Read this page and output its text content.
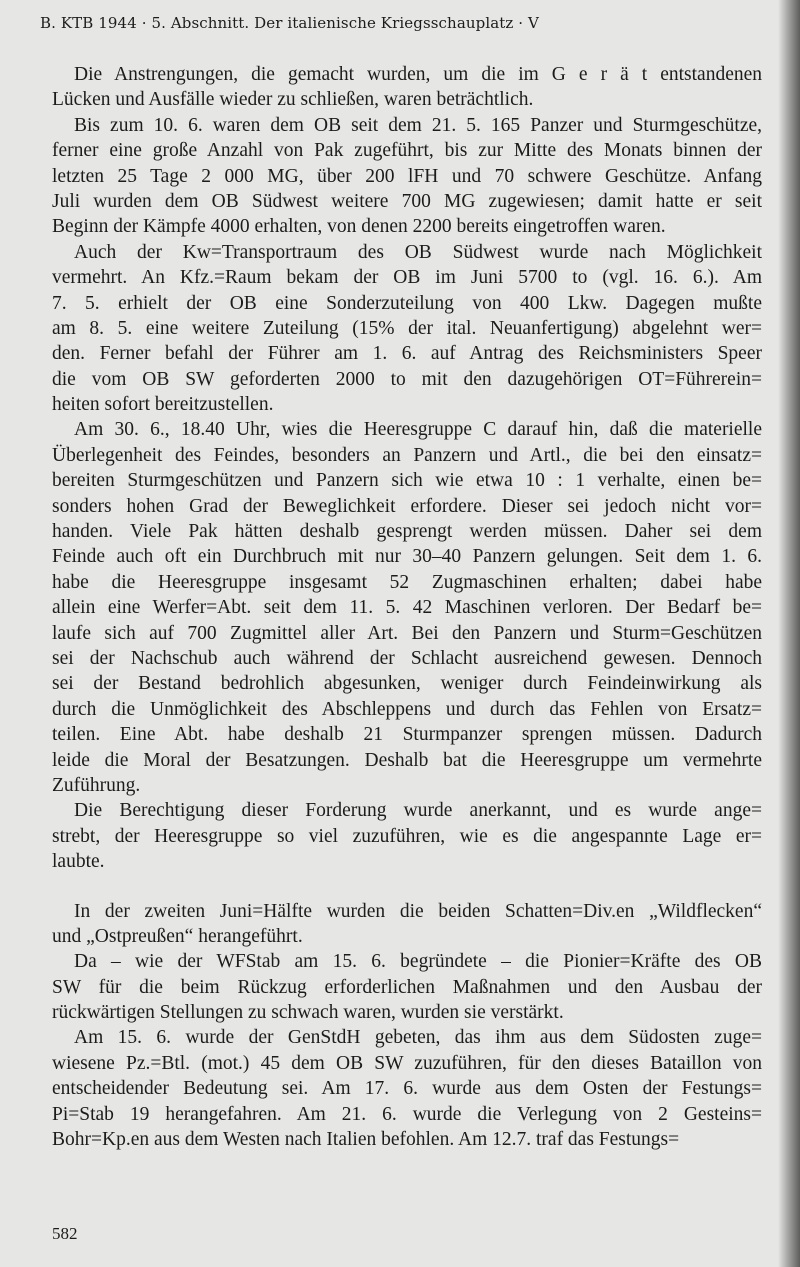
B. KTB 1944 · 5. Abschnitt. Der italienische Kriegsschauplatz · V
Die Anstrengungen, die gemacht wurden, um die im G e r ä t entstandenen
Lücken und Ausfälle wieder zu schließen, waren beträchtlich.
Bis zum 10. 6. waren dem OB seit dem 21. 5. 165 Panzer und Sturmgeschütze,
ferner eine große Anzahl von Pak zugeführt, bis zur Mitte des Monats binnen der
letzten 25 Tage 2 000 MG, über 200 lFH und 70 schwere Geschütze. Anfang
Juli wurden dem OB Südwest weitere 700 MG zugewiesen; damit hatte er seit
Beginn der Kämpfe 4000 erhalten, von denen 2200 bereits eingetroffen waren.
Auch der Kw=Transportraum des OB Südwest wurde nach Möglichkeit
vermehrt. An Kfz.=Raum bekam der OB im Juni 5700 to (vgl. 16. 6.). Am
7. 5. erhielt der OB eine Sonderzuteilung von 400 Lkw. Dagegen mußte
am 8. 5. eine weitere Zuteilung (15% der ital. Neuanfertigung) abgelehnt wer=
den. Ferner befahl der Führer am 1. 6. auf Antrag des Reichsministers Speer
die vom OB SW geforderten 2000 to mit den dazugehörigen OT=Führerein=
heiten sofort bereitzustellen.
Am 30. 6., 18.40 Uhr, wies die Heeresgruppe C darauf hin, daß die materielle
Überlegenheit des Feindes, besonders an Panzern und Artl., die bei den einsatz=
bereiten Sturmgeschützen und Panzern sich wie etwa 10 : 1 verhalte, einen be=
sonders hohen Grad der Beweglichkeit erfordere. Dieser sei jedoch nicht vor=
handen. Viele Pak hätten deshalb gesprengt werden müssen. Daher sei dem
Feinde auch oft ein Durchbruch mit nur 30–40 Panzern gelungen. Seit dem 1. 6.
habe die Heeresgruppe insgesamt 52 Zugmaschinen erhalten; dabei habe
allein eine Werfer=Abt. seit dem 11. 5. 42 Maschinen verloren. Der Bedarf be=
laufe sich auf 700 Zugmittel aller Art. Bei den Panzern und Sturm=Geschützen
sei der Nachschub auch während der Schlacht ausreichend gewesen. Dennoch
sei der Bestand bedrohlich abgesunken, weniger durch Feindeinwirkung als
durch die Unmöglichkeit des Abschleppens und durch das Fehlen von Ersatz=
teilen. Eine Abt. habe deshalb 21 Sturmpanzer sprengen müssen. Dadurch
leide die Moral der Besatzungen. Deshalb bat die Heeresgruppe um vermehrte
Zuführung.
Die Berechtigung dieser Forderung wurde anerkannt, und es wurde ange=
strebt, der Heeresgruppe so viel zuzuführen, wie es die angespannte Lage er=
laubte.
In der zweiten Juni=Hälfte wurden die beiden Schatten=Div.en „Wildflecken“
und „Ostpreußen“ herangeführt.
Da – wie der WFStab am 15. 6. begründete – die Pionier=Kräfte des OB
SW für die beim Rückzug erforderlichen Maßnahmen und den Ausbau der
rückwärtigen Stellungen zu schwach waren, wurden sie verstärkt.
Am 15. 6. wurde der GenStdH gebeten, das ihm aus dem Südosten zuge=
wiesene Pz.=Btl. (mot.) 45 dem OB SW zuzuführen, für den dieses Bataillon von
entscheidender Bedeutung sei. Am 17. 6. wurde aus dem Osten der Festungs=
Pi=Stab 19 herangefahren. Am 21. 6. wurde die Verlegung von 2 Gesteins=
Bohr=Kp.en aus dem Westen nach Italien befohlen. Am 12.7. traf das Festungs=
582
